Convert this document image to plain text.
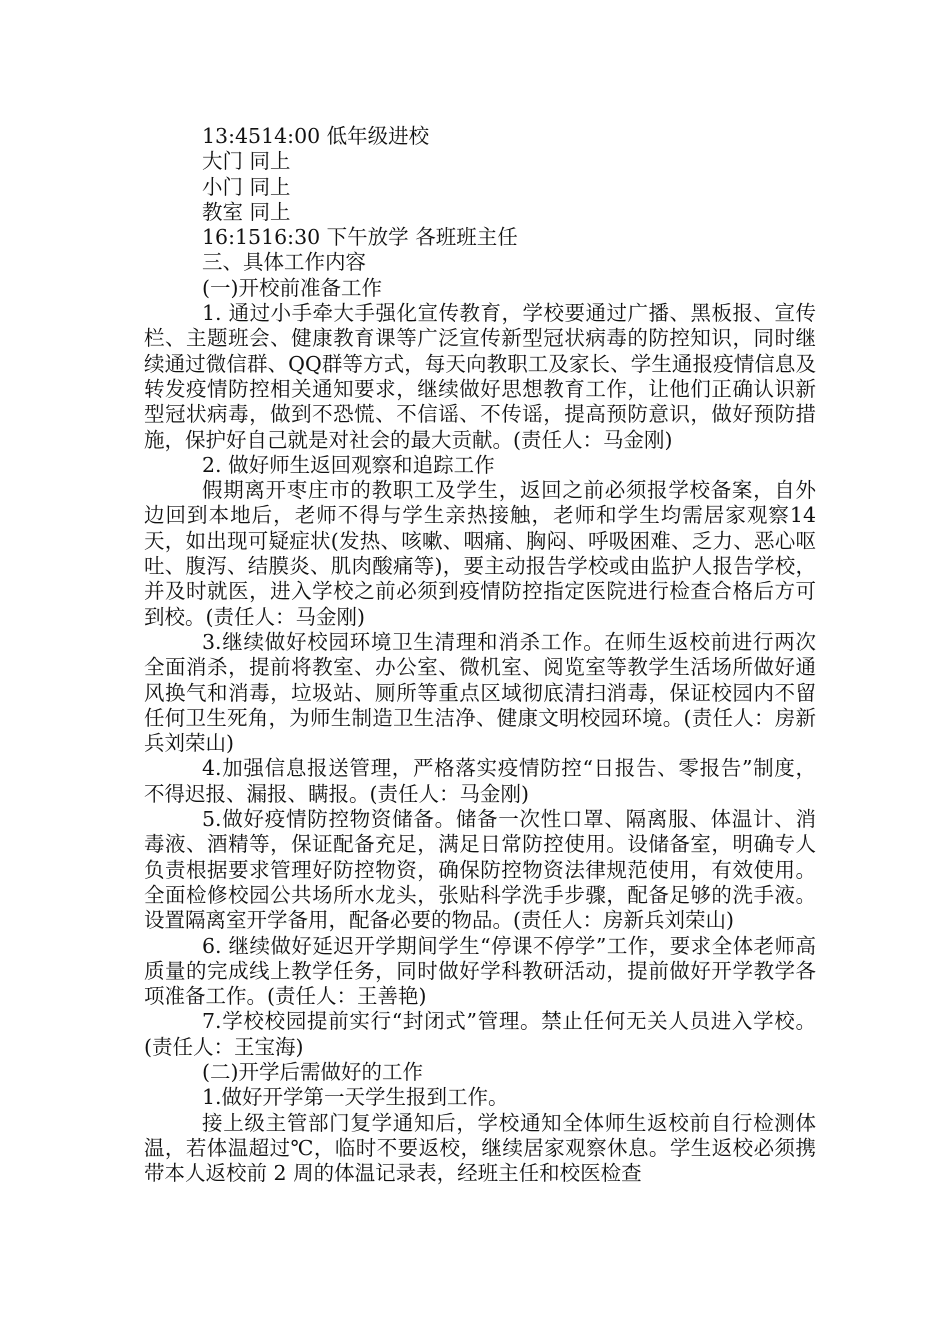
13:4514:00 低年级进校
大门 同上
小门 同上
教室 同上
16:1516:30 下午放学 各班班主任
三、具体工作内容
(一)开校前准备工作

1. 通过小手牵大手强化宣传教育，学校要通过广播、黑板报、宣传栏、主题班会、健康教育课等广泛宣传新型冠状病毒的防控知识，同时继续通过微信群、QQ群等方式，每天向教职工及家长、学生通报疫情信息及转发疫情防控相关通知要求，继续做好思想教育工作，让他们正确认识新型冠状病毒，做到不恐慌、不信谣、不传谣，提高预防意识，做好预防措施，保护好自己就是对社会的最大贡献。(责任人：马金刚)

2. 做好师生返回观察和追踪工作

假期离开枣庄市的教职工及学生，返回之前必须报学校备案，自外边回到本地后，老师不得与学生亲热接触，老师和学生均需居家观察14天，如出现可疑症状(发热、咳嗽、咽痛、胸闷、呼吸困难、乏力、恶心呕吐、腹泻、结膜炎、肌肉酸痛等)，要主动报告学校或由监护人报告学校，并及时就医，进入学校之前必须到疫情防控指定医院进行检查合格后方可到校。(责任人：马金刚)

3.继续做好校园环境卫生清理和消杀工作。在师生返校前进行两次全面消杀，提前将教室、办公室、微机室、阅览室等教学生活场所做好通风换气和消毒，垃圾站、厕所等重点区域彻底清扫消毒，保证校园内不留任何卫生死角，为师生制造卫生洁净、健康文明校园环境。(责任人：房新兵刘荣山)

4.加强信息报送管理，严格落实疫情防控“日报告、零报告”制度，不得迟报、漏报、瞒报。(责任人：马金刚)

5.做好疫情防控物资储备。储备一次性口罩、隔离服、体温计、消毒液、酒精等，保证配备充足，满足日常防控使用。设储备室，明确专人负责根据要求管理好防控物资，确保防控物资法律规范使用，有效使用。全面检修校园公共场所水龙头，张贴科学洗手步骤，配备足够的洗手液。设置隔离室开学备用，配备必要的物品。(责任人：房新兵刘荣山)

6. 继续做好延迟开学期间学生“停课不停学”工作，要求全体老师高质量的完成线上教学任务，同时做好学科教研活动，提前做好开学教学各项准备工作。(责任人：王善艳)

7.学校校园提前实行“封闭式”管理。禁止任何无关人员进入学校。(责任人：王宝海)

(二)开学后需做好的工作
1.做好开学第一天学生报到工作。

接上级主管部门复学通知后，学校通知全体师生返校前自行检测体温，若体温超过℃，临时不要返校，继续居家观察休息。学生返校必须携带本人返校前 2 周的体温记录表，经班主任和校医检查
